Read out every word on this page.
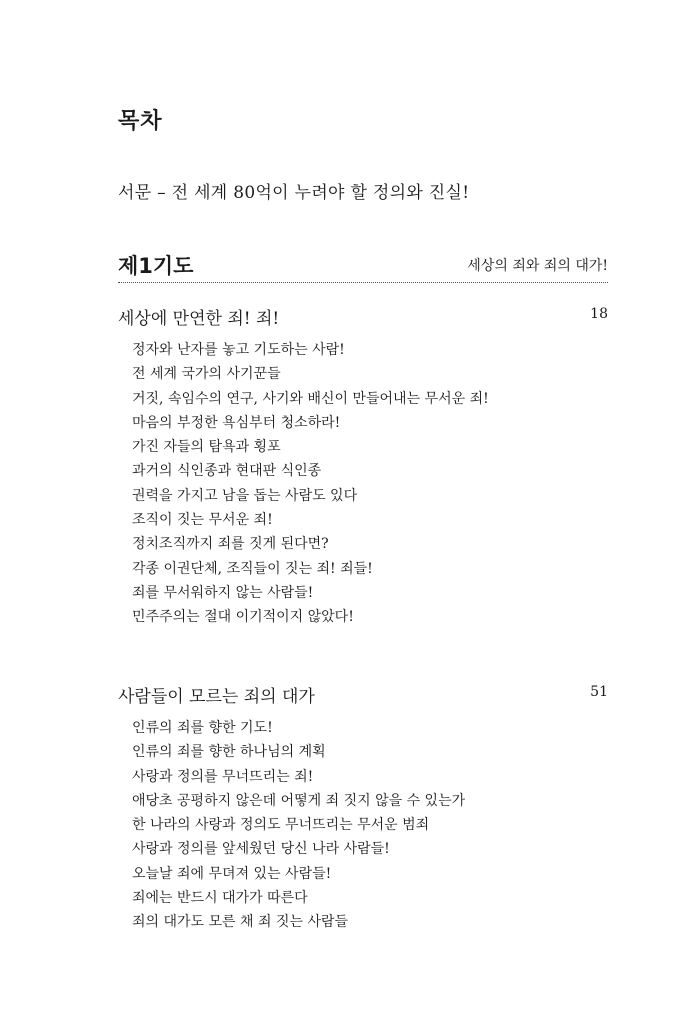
목차
서문 – 전 세계 80억이 누려야 할 정의와 진실!
제1기도	세상의 죄와 죄의 대가!
세상에 만연한 죄! 죄!	18
정자와 난자를 놓고 기도하는 사람!
전 세계 국가의 사기꾼들
거짓, 속임수의 연구, 사기와 배신이 만들어내는 무서운 죄!
마음의 부정한 욕심부터 청소하라!
가진 자들의 탐욕과 횡포
과거의 식인종과 현대판 식인종
권력을 가지고 남을 돕는 사람도 있다
조직이 짓는 무서운 죄!
정치조직까지 죄를 짓게 된다면?
각종 이권단체, 조직들이 짓는 죄! 죄들!
죄를 무서워하지 않는 사람들!
민주주의는 절대 이기적이지 않았다!
사람들이 모르는 죄의 대가	51
인류의 죄를 향한 기도!
인류의 죄를 향한 하나님의 계획
사랑과 정의를 무너뜨리는 죄!
애당초 공평하지 않은데 어떻게 죄 짓지 않을 수 있는가
한 나라의 사랑과 정의도 무너뜨리는 무서운 범죄
사랑과 정의를 앞세웠던 당신 나라 사람들!
오늘날 죄에 무뎌져 있는 사람들!
죄에는 반드시 대가가 따른다
죄의 대가도 모른 채 죄 짓는 사람들
